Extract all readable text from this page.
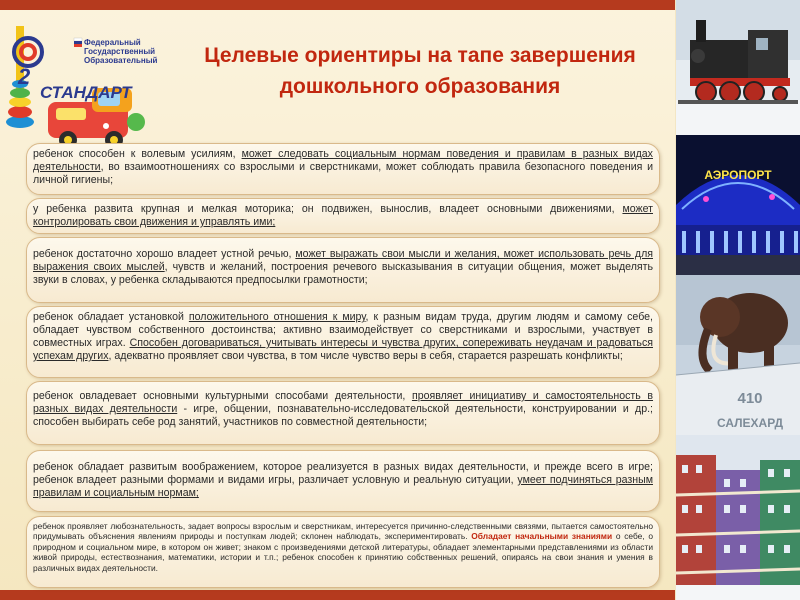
Федеральный
Государственный
Образовательный
2
СТАНДАРТ
Целевые ориентиры на тапе завершения
дошкольного образования

ребенок способен к волевым усилиям, может следовать социальным нормам поведения и правилам в разных видах деятельности, во взаимоотношениях со взрослыми и сверстниками, может соблюдать правила безопасного поведения и личной гигиены;

у ребенка развита крупная и мелкая моторика; он подвижен, вынослив, владеет основными движениями, может контролировать свои движения и управлять ими;

ребенок достаточно хорошо владеет устной речью, может выражать свои мысли и желания, может использовать речь для выражения своих мыслей, чувств и желаний, построения речевого высказывания в ситуации общения, может выделять звуки в словах, у ребенка складываются предпосылки грамотности;

ребенок обладает установкой положительного отношения к миру, к разным видам труда, другим людям и самому себе, обладает чувством собственного достоинства; активно взаимодействует со сверстниками и взрослыми, участвует в совместных играх. Способен договариваться, учитывать интересы и чувства других, сопереживать неудачам и радоваться успехам других, адекватно проявляет свои чувства, в том числе чувство веры в себя, старается разрешать конфликты;

ребенок овладевает основными культурными способами деятельности, проявляет инициативу и самостоятельность в разных видах деятельности - игре, общении, познавательно-исследовательской деятельности, конструировании и др.; способен выбирать себе род занятий, участников по совместной деятельности;

ребенок обладает развитым воображением, которое реализуется в разных видах деятельности, и прежде всего в игре; ребенок владеет разными формами и видами игры, различает условную и реальную ситуации, умеет подчиняться разным правилам и социальным нормам;

ребенок проявляет любознательность, задает вопросы взрослым и сверстникам, интересуется причинно-следственными связями, пытается самостоятельно придумывать объяснения явлениям природы и поступкам людей; склонен наблюдать, экспериментировать. Обладает начальными знаниями о себе, о природном и социальном мире, в котором он живет; знаком с произведениями детской литературы, обладает элементарными представлениями из области живой природы, естествознания, математики, истории и т.п.; ребенок способен к принятию собственных решений, опираясь на свои знания и умения в различных видах деятельности.

АЭРОПОРТ
410
САЛЕХАРД
